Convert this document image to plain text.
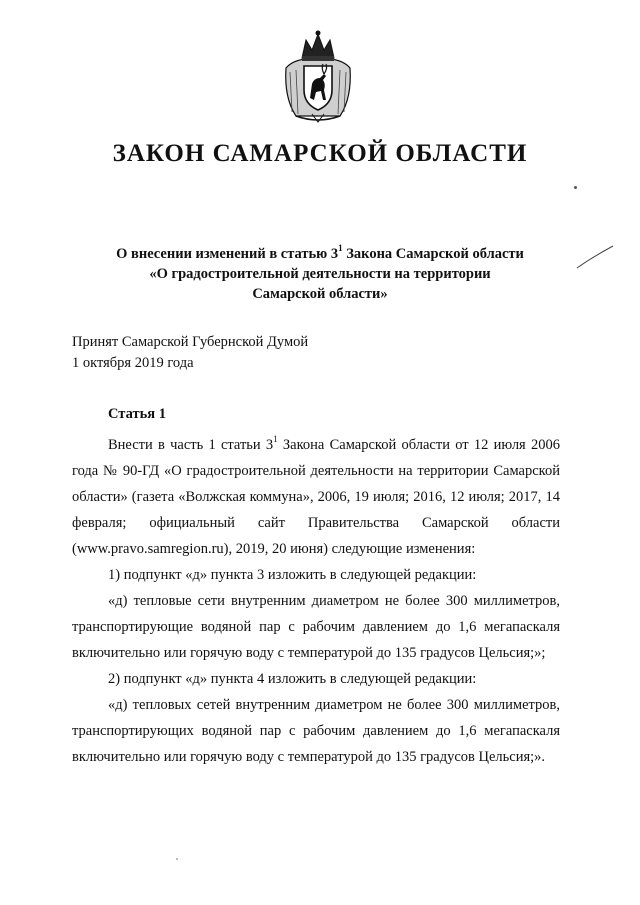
ЗАКОН САМАРСКОЙ ОБЛАСТИ
О внесении изменений в статью $3^1$ Закона Самарской области
«О градостроительной деятельности на территории
Самарской области»
Принят Самарской Губернской Думой
1 октября 2019 года
Статья 1

Внести в часть 1 статьи $3^1$ Закона Самарской области от 12 июля 2006 года № 90-ГД «О градостроительной деятельности на территории Самарской области» (газета «Волжская коммуна», 2006, 19 июля; 2016, 12 июля; 2017, 14 февраля; официальный сайт Правительства Самарской области (www.pravo.samregion.ru), 2019, 20 июня) следующие изменения:

1) подпункт «д» пункта 3 изложить в следующей редакции:

«д) тепловые сети внутренним диаметром не более 300 миллиметров, транспортирующие водяной пар с рабочим давлением до 1,6 мегапаскаля включительно или горячую воду с температурой до 135 градусов Цельсия;»;

2) подпункт «д» пункта 4 изложить в следующей редакции:

«д) тепловых сетей внутренним диаметром не более 300 миллиметров, транспортирующих водяной пар с рабочим давлением до 1,6 мегапаскаля включительно или горячую воду с температурой до 135 градусов Цельсия;».
